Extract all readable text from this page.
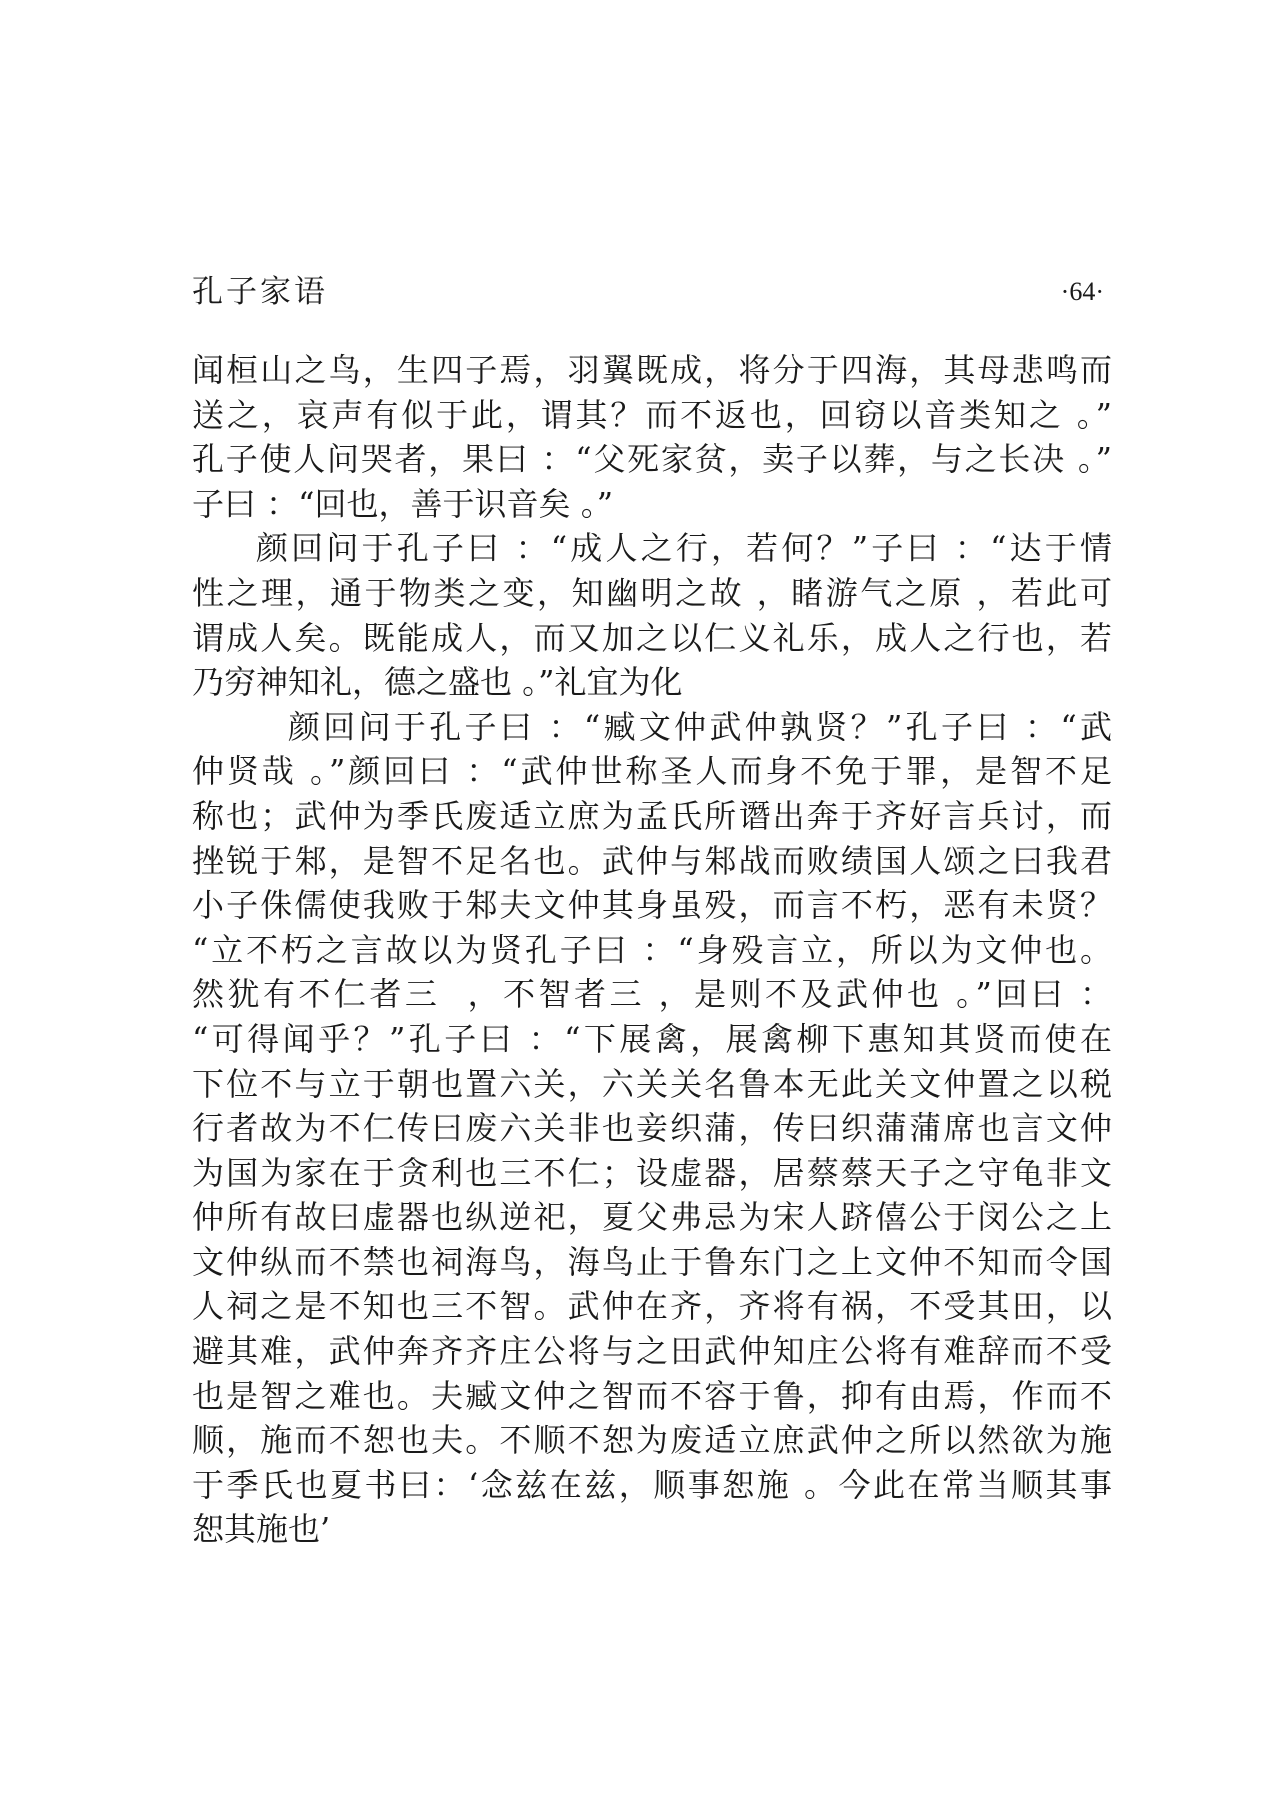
孔子家语	·64·
闻桓山之鸟，生四子焉，羽翼既成，将分于四海，其母悲鸣而
送之，哀声有似于此，谓其？而不返也，回窃以音类知之 。”
孔子使人问哭者，果曰 ：“父死家贫，卖子以葬，与之长决 。”
子曰 ：“回也，善于识音矣 。”
颜回问于孔子曰 ：“成人之行，若何？”子曰 ：“达于情
性之理，通于物类之变，知幽明之故 ，睹游气之原 ，若此可
谓成人矣。既能成人，而又加之以仁义礼乐，成人之行也，若
乃穷神知礼，德之盛也 。”礼宜为化
颜回问于孔子曰 ：“臧文仲武仲孰贤？”孔子曰 ：“武
仲贤哉 。”颜回曰 ：“武仲世称圣人而身不免于罪，是智不足
称也；武仲为季氏废适立庶为孟氏所谮出奔于齐好言兵讨，而
挫锐于邾，是智不足名也。武仲与邾战而败绩国人颂之曰我君
小子侏儒使我败于邾夫文仲其身虽殁，而言不朽，恶有未贤？
“立不朽之言故以为贤孔子曰 ：“身殁言立，所以为文仲也。
然犹有不仁者三  ，不智者三 ，是则不及武仲也 。”回曰 ：
“可得闻乎？”孔子曰 ：“下展禽，展禽柳下惠知其贤而使在
下位不与立于朝也置六关，六关关名鲁本无此关文仲置之以税
行者故为不仁传曰废六关非也妾织蒲，传曰织蒲蒲席也言文仲
为国为家在于贪利也三不仁；设虚器，居蔡蔡天子之守龟非文
仲所有故曰虚器也纵逆祀，夏父弗忌为宋人跻僖公于闵公之上
文仲纵而不禁也祠海鸟，海鸟止于鲁东门之上文仲不知而令国
人祠之是不知也三不智。武仲在齐，齐将有祸，不受其田，以
避其难，武仲奔齐齐庄公将与之田武仲知庄公将有难辞而不受
也是智之难也。夫臧文仲之智而不容于鲁，抑有由焉，作而不
顺，施而不恕也夫。不顺不恕为废适立庶武仲之所以然欲为施
于季氏也夏书曰：‘念兹在兹，顺事恕施 。今此在常当顺其事
恕其施也’
